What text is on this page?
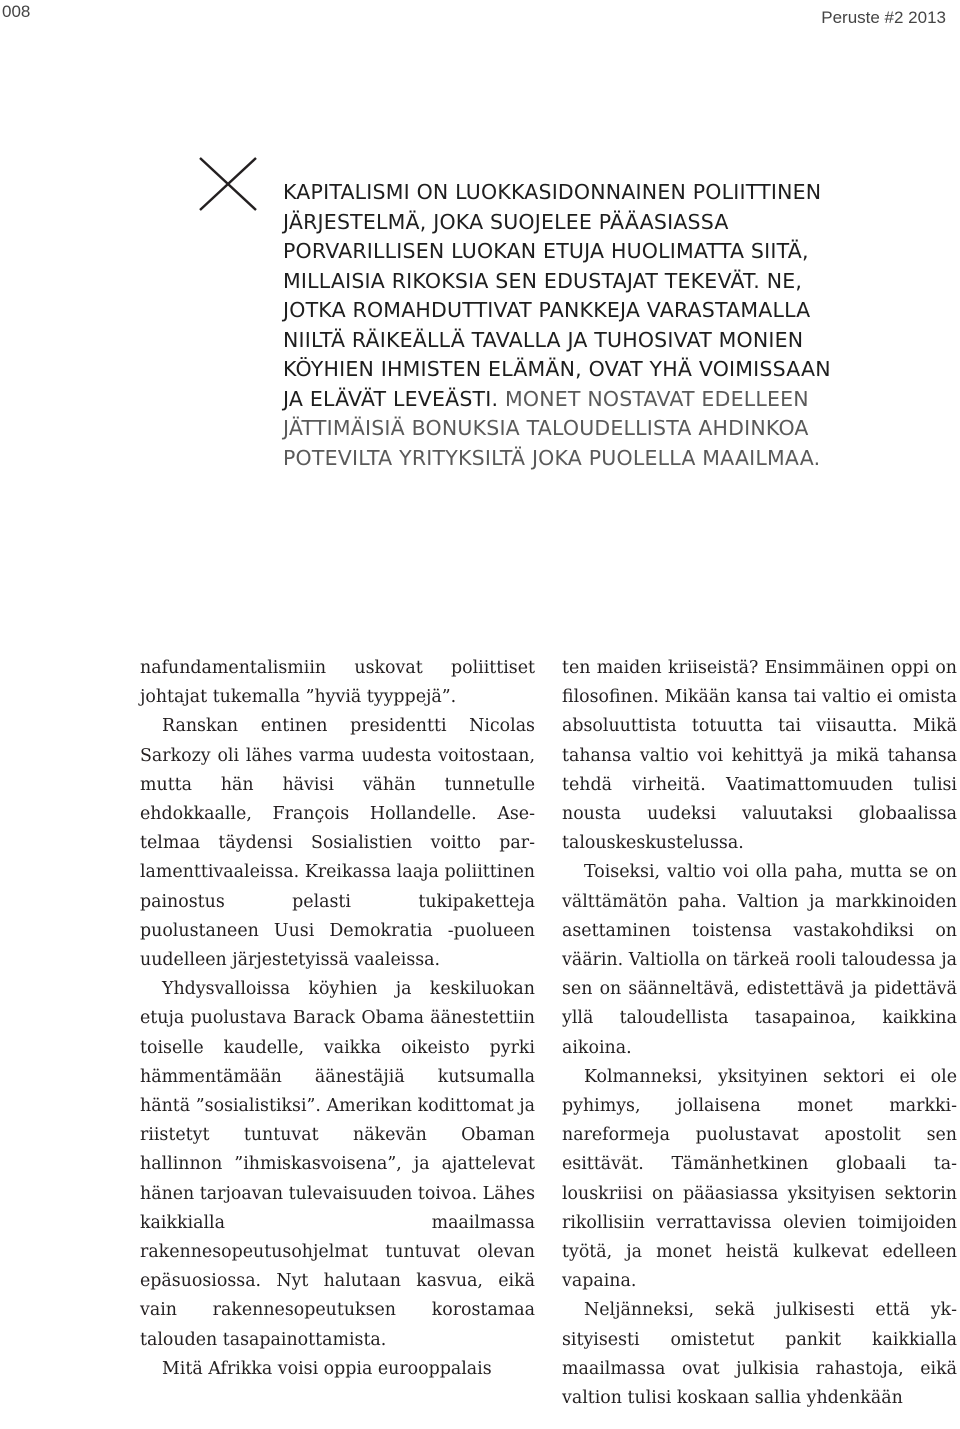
008	Peruste #2 2013

KAPITALISMI ON LUOKKASIDONNAINEN POLIITTINEN JÄRJESTELMÄ, JOKA SUOJELEE PÄÄASIASSA PORVARILLISEN LUOKAN ETUJA HUOLIMATTA SIITÄ, MILLAISIA RIKOKSIA SEN EDUSTAJAT TEKEVÄT. NE, JOTKA ROMAHDUTTIVAT PANKKEJA VARASTAMALLA NIILTÄ RÄIKEÄLLÄ TAVALLA JA TUHOSIVAT MONIEN KÖYHIEN IHMISTEN ELÄMÄN, OVAT YHÄ VOIMISSAAN JA ELÄVÄT LEVEÄSTI. MONET NOSTAVAT EDELLEEN JÄTTIMÄISIÄ BONUKSIA TALOUDELLISTA AHDINKOA POTEVILTA YRITYKSILTÄ JOKA PUOLELLA MAAILMAA.

nafundamentalismiin uskovat poliittiset johtajat tukemalla ”hyviä tyyppejä”.

Ranskan entinen presidentti Nicolas Sarkozy oli lähes varma uudesta voitostaan, mutta hän hävisi vähän tunnetulle ehdokkaalle, François Hollandelle. Asetelmaa täydensi Sosialistien voitto parlamenttivaaleissa. Kreikassa laaja poliittinen painostus pelasti tukipaketteja puolustaneen Uusi Demokratia -puolueen uudelleen järjestetyissä vaaleissa.

Yhdysvalloissa köyhien ja keskiluokan etuja puolustava Barack Obama äänestettiin toiselle kaudelle, vaikka oikeisto pyrki hämmentämään äänestäjiä kutsumalla häntä ”sosialistiksi”. Amerikan kodittomat ja riistetyt tuntuvat näkevän Obaman hallinnon ”ihmiskasvoisena”, ja ajattelevat hänen tarjoavan tulevaisuuden toivoa. Lähes kaikkialla maailmassa rakennesopeutusohjelmat tuntuvat olevan epäsuosiossa. Nyt halutaan kasvua, eikä vain rakennesopeutuksen korostamaa talouden tasapainottamista.

Mitä Afrikka voisi oppia eurooppalais

ten maiden kriiseistä? Ensimmäinen oppi on filosofinen. Mikään kansa tai valtio ei omista absoluuttista totuutta tai viisautta. Mikä tahansa valtio voi kehittyä ja mikä tahansa tehdä virheitä. Vaatimattomuuden tulisi nousta uudeksi valuutaksi globaalissa talouskeskustelussa.

Toiseksi, valtio voi olla paha, mutta se on välttämätön paha. Valtion ja markkinoiden asettaminen toistensa vastakohdiksi on väärin. Valtiolla on tärkeä rooli taloudessa ja sen on säänneltävä, edistettävä ja pidettävä yllä taloudellista tasapainoa, kaikkina aikoina.

Kolmanneksi, yksityinen sektori ei ole pyhimys, jollaisena monet markkinareformeja puolustavat apostolit sen esittävät. Tämänhetkinen globaali talouskriisi on pääasiassa yksityisen sektorin rikollisiin verrattavissa olevien toimijoiden työtä, ja monet heistä kulkevat edelleen vapaina.

Neljänneksi, sekä julkisesti että yksityisesti omistetut pankit kaikkialla maailmassa ovat julkisia rahastoja, eikä valtion tulisi koskaan sallia yhdenkään
